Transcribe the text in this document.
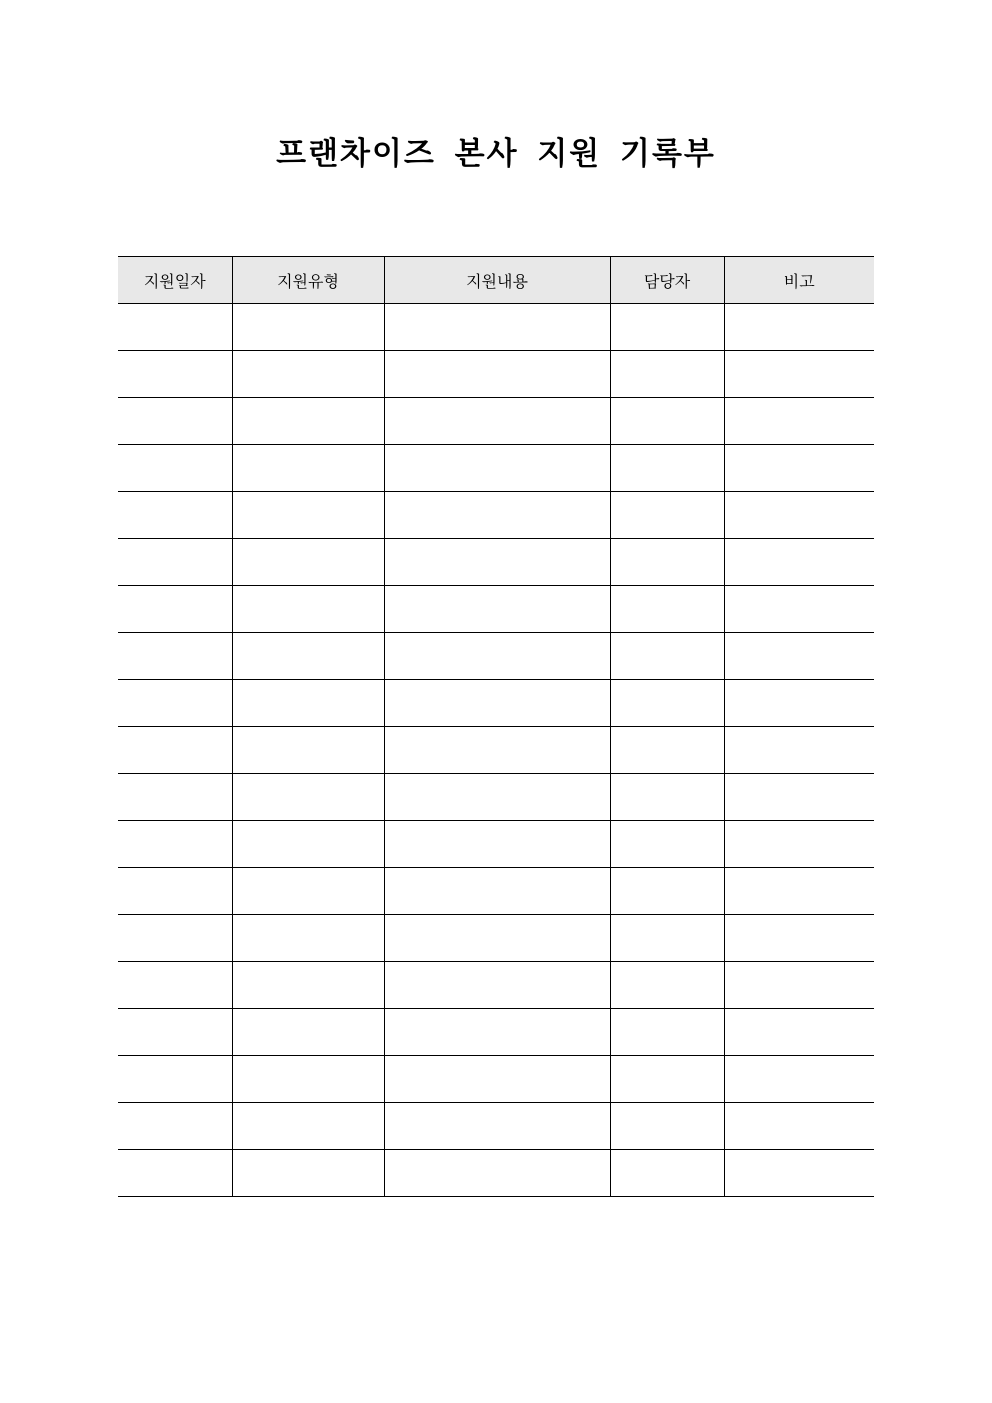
프랜차이즈 본사 지원 기록부
지원일자	지원유형	지원내용	담당자	비고
